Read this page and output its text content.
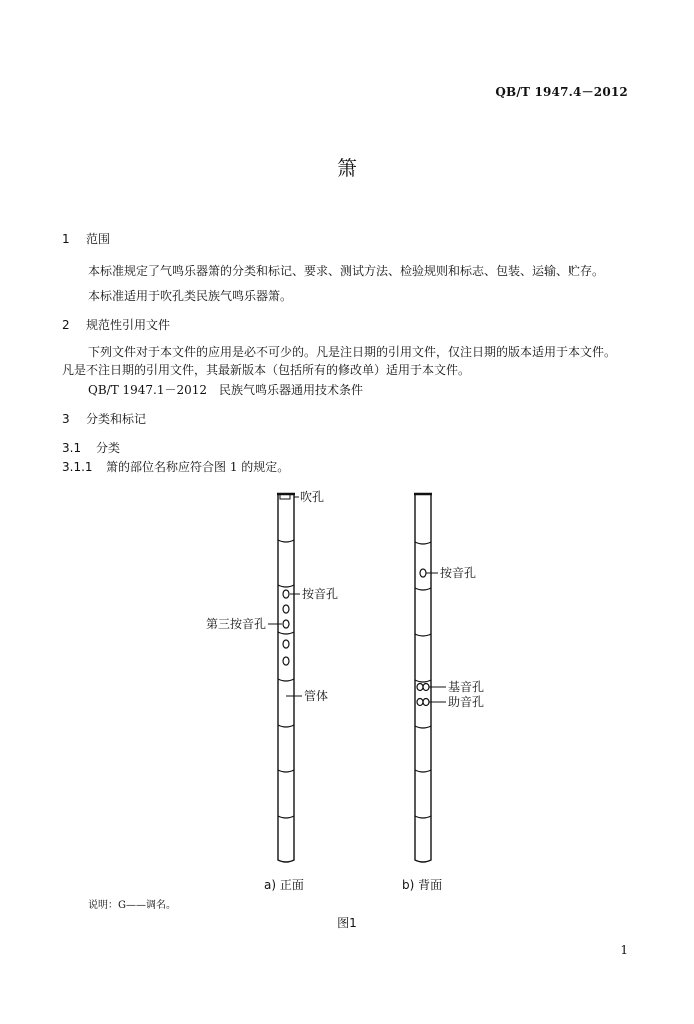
QB/T 1947.4－2012
箫
1 范围
本标准规定了气鸣乐器箫的分类和标记、要求、测试方法、检验规则和标志、包装、运输、贮存。
本标准适用于吹孔类民族气鸣乐器箫。
2 规范性引用文件
下列文件对于本文件的应用是必不可少的。凡是注日期的引用文件，仅注日期的版本适用于本文件。
凡是不注日期的引用文件，其最新版本（包括所有的修改单）适用于本文件。
QB/T 1947.1－2012　民族气鸣乐器通用技术条件
3 分类和标记
3.1 分类
3.1.1 箫的部位名称应符合图 1 的规定。
吹孔
按音孔
第三按音孔
管体
按音孔
基音孔
助音孔
a) 正面	b) 背面
说明：G——调名。
图1
1
